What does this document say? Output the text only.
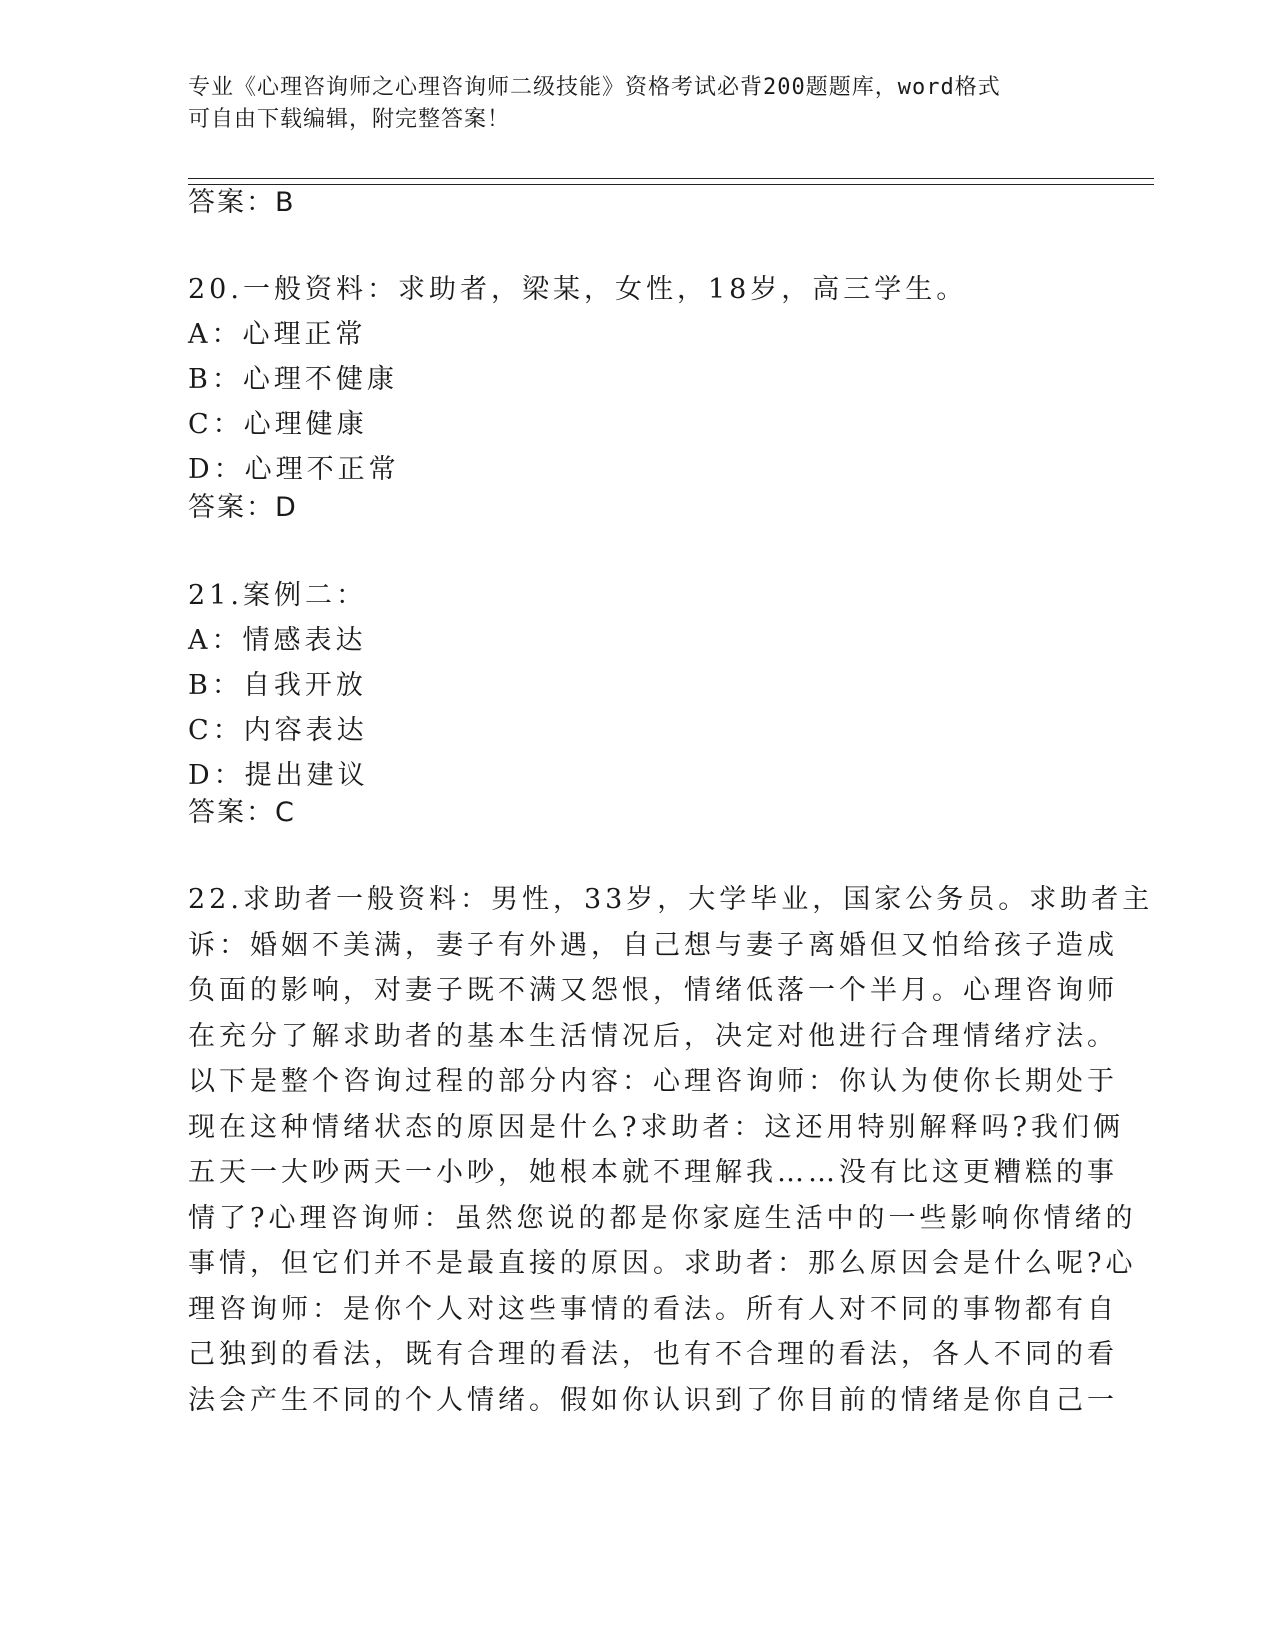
专业《心理咨询师之心理咨询师二级技能》资格考试必背200题题库，word格式
可自由下载编辑，附完整答案！
答案：B
20.一般资料：求助者，梁某，女性，18岁，高三学生。
A：心理正常
B：心理不健康
C：心理健康
D：心理不正常
答案：D
21.案例二：
A：情感表达
B：自我开放
C：内容表达
D：提出建议
答案：C
22.求助者一般资料：男性，33岁，大学毕业，国家公务员。求助者主
诉：婚姻不美满，妻子有外遇，自己想与妻子离婚但又怕给孩子造成
负面的影响，对妻子既不满又怨恨，情绪低落一个半月。心理咨询师
在充分了解求助者的基本生活情况后，决定对他进行合理情绪疗法。
以下是整个咨询过程的部分内容：心理咨询师：你认为使你长期处于
现在这种情绪状态的原因是什么?求助者：这还用特别解释吗?我们俩
五天一大吵两天一小吵，她根本就不理解我……没有比这更糟糕的事
情了?心理咨询师：虽然您说的都是你家庭生活中的一些影响你情绪的
事情，但它们并不是最直接的原因。求助者：那么原因会是什么呢?心
理咨询师：是你个人对这些事情的看法。所有人对不同的事物都有自
己独到的看法，既有合理的看法，也有不合理的看法，各人不同的看
法会产生不同的个人情绪。假如你认识到了你目前的情绪是你自己一
